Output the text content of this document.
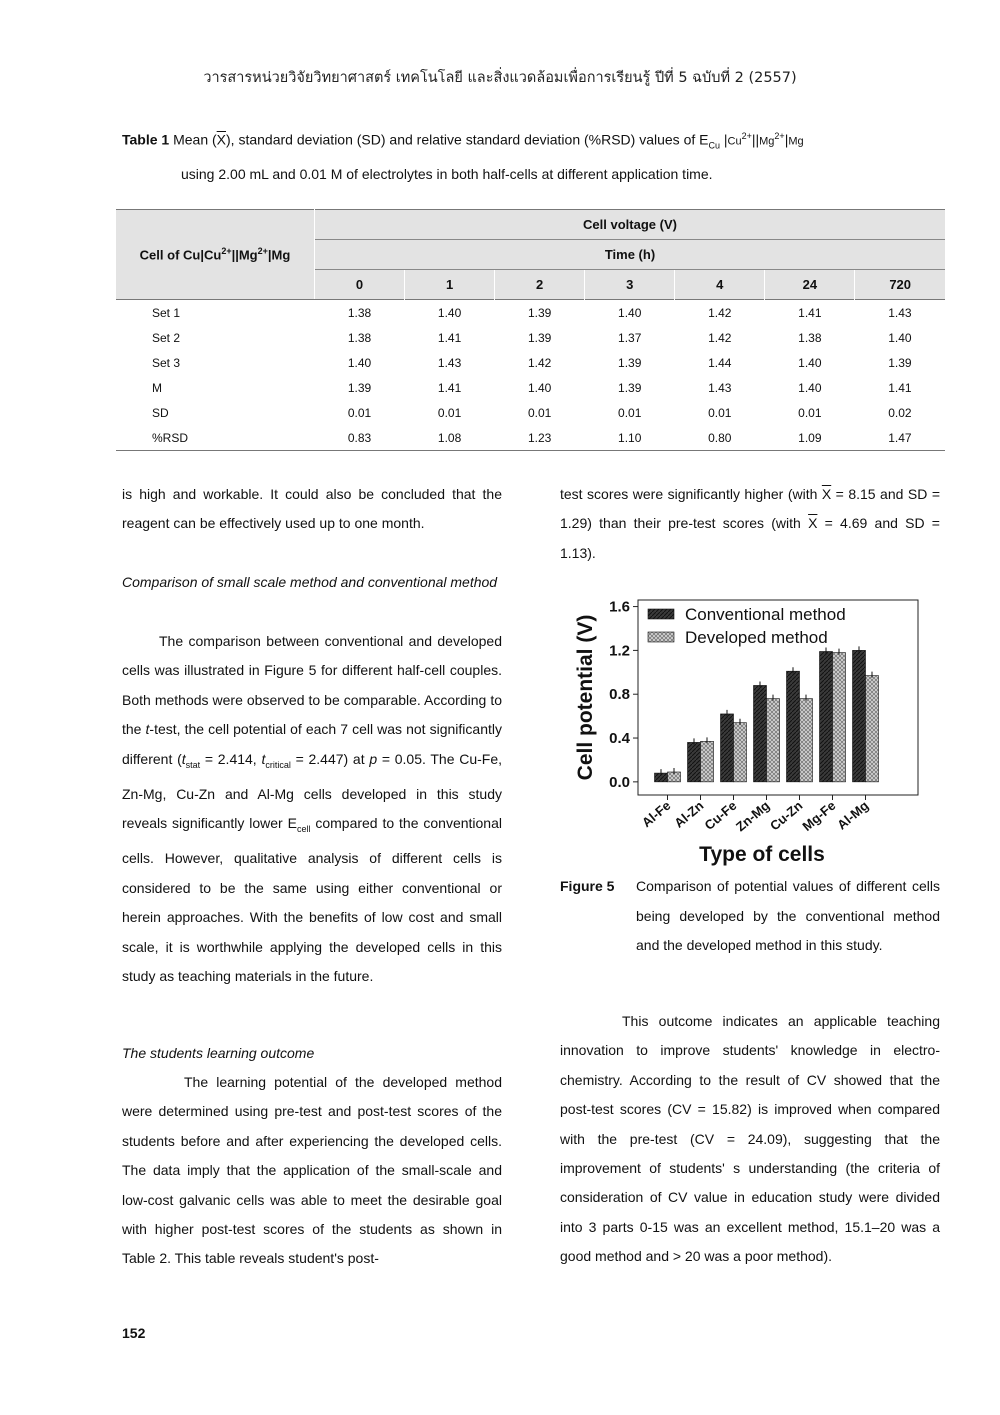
วารสารหน่วยวิจัยวิทยาศาสตร์ เทคโนโลยี และสิ่งแวดล้อมเพื่อการเรียนรู้ ปีที่ 5 ฉบับที่ 2 (2557)
Table 1 Mean $(\overline{X})$, standard deviation (SD) and relative standard deviation (%RSD) values of $E_{Cu}$ $|Cu^{2+}||Mg^{2+}|Mg$
using 2.00 mL and 0.01 M of electrolytes in both half-cells at different application time.
Cell of $Cu|Cu^{2+}||Mg^{2+}|Mg$	Cell voltage (V)						
	Time (h)						
	0	1	2	3	4	24	720
Set 1	1.38	1.40	1.39	1.40	1.42	1.41	1.43
Set 2	1.38	1.41	1.39	1.37	1.42	1.38	1.40
Set 3	1.40	1.43	1.42	1.39	1.44	1.40	1.39
M	1.39	1.41	1.40	1.39	1.43	1.40	1.41
SD	0.01	0.01	0.01	0.01	0.01	0.01	0.02
%RSD	0.83	1.08	1.23	1.10	0.80	1.09	1.47
is high and workable. It could also be concluded that the reagent can be effectively used up to one month.
Comparison of small scale method and conventional method
The comparison between conventional and developed cells was illustrated in Figure 5 for different half-cell couples. Both methods were observed to be comparable. According to the t-test, the cell potential of each 7 cell was not significantly different ($t_{stat} = 2.414$, $t_{critical} = 2.447$) at p = 0.05. The Cu-Fe, Zn-Mg, Cu-Zn and Al-Mg cells developed in this study reveals significantly lower $E_{cell}$ compared to the conventional cells. However, qualitative analysis of different cells is considered to be the same using either conventional or herein approaches. With the benefits of low cost and small scale, it is worthwhile applying the developed cells in this study as teaching materials in the future.
The students learning outcome
The learning potential of the developed method were determined using pre-test and post-test scores of the students before and after experiencing the developed cells. The data imply that the application of the small-scale and low-cost galvanic cells was able to meet the desirable goal with higher post-test scores of the students as shown in Table 2. This table reveals student's post-
test scores were significantly higher (with $\overline{X} = 8.15$ and SD = 1.29) than their pre-test scores (with $\overline{X} = 4.69$ and SD = 1.13).
0.0
0.4
0.8
1.2
1.6
Cell potential (V)
Al-Fe
Al-Zn
Cu-Fe
Zn-Mg
Cu-Zn
Mg-Fe
Al-Mg
Type of cells
Conventional method
Developed method
Figure 5 Comparison of potential values of different cells being developed by the conventional method and the developed method in this study.
This outcome indicates an applicable teaching innovation to improve students' knowledge in electro-chemistry. According to the result of CV showed that the post-test scores (CV = 15.82) is improved when compared with the pre-test (CV = 24.09), suggesting that the improvement of students' s understanding (the criteria of consideration of CV value in education study were divided into 3 parts 0-15 was an excellent method, 15.1–20 was a good method and > 20 was a poor method).
152
